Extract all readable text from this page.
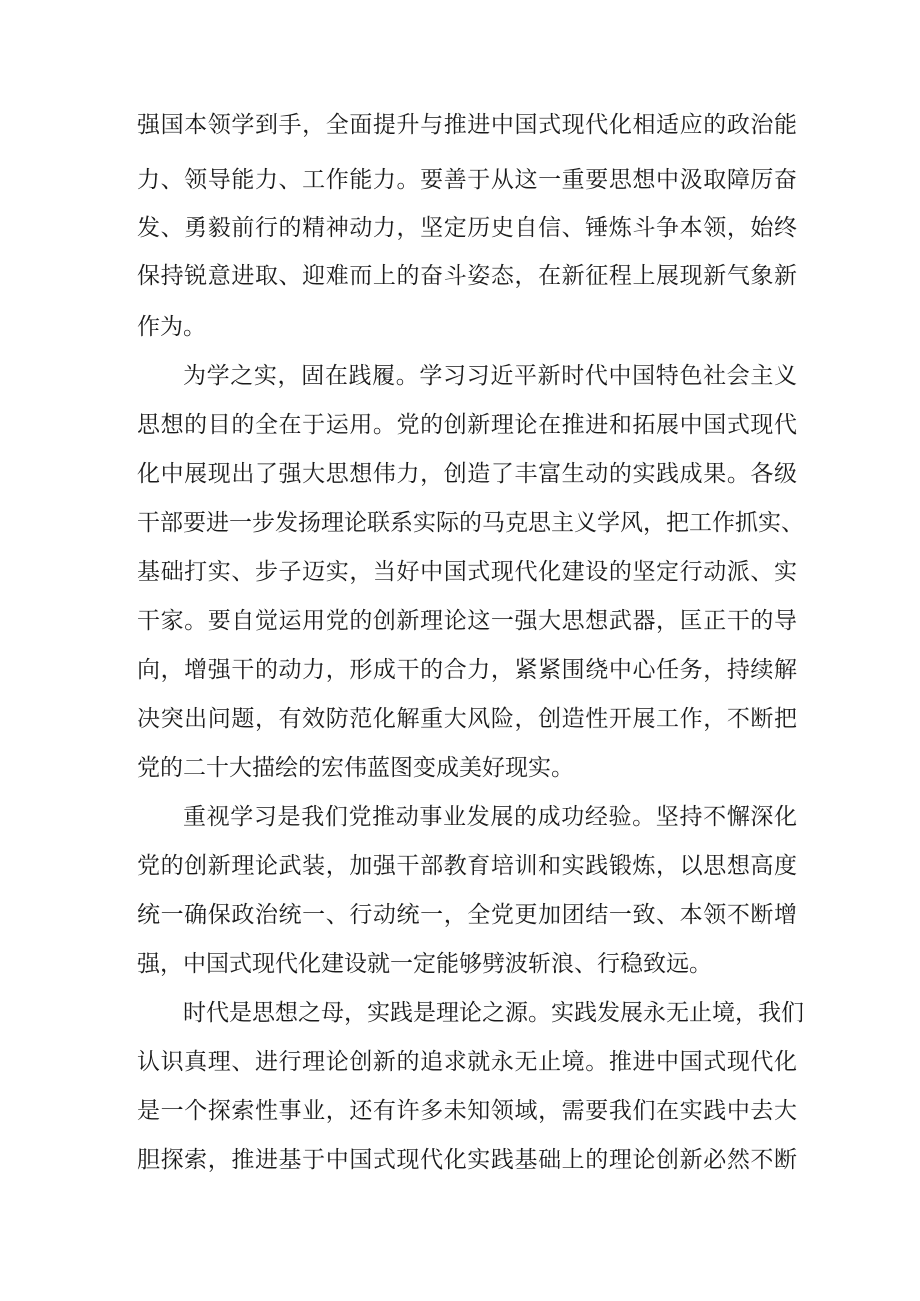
强国本领学到手，全面提升与推进中国式现代化相适应的政治能
力、领导能力、工作能力。要善于从这一重要思想中汲取障厉奋
发、勇毅前行的精神动力，坚定历史自信、锤炼斗争本领，始终
保持锐意进取、迎难而上的奋斗姿态，在新征程上展现新气象新
作为。
为学之实，固在践履。学习习近平新时代中国特色社会主义
思想的目的全在于运用。党的创新理论在推进和拓展中国式现代
化中展现出了强大思想伟力，创造了丰富生动的实践成果。各级
干部要进一步发扬理论联系实际的马克思主义学风，把工作抓实、
基础打实、步子迈实，当好中国式现代化建设的坚定行动派、实
干家。要自觉运用党的创新理论这一强大思想武器，匡正干的导
向，增强干的动力，形成干的合力，紧紧围绕中心任务，持续解
决突出问题，有效防范化解重大风险，创造性开展工作，不断把
党的二十大描绘的宏伟蓝图变成美好现实。
重视学习是我们党推动事业发展的成功经验。坚持不懈深化
党的创新理论武装，加强干部教育培训和实践锻炼，以思想高度
统一确保政治统一、行动统一，全党更加团结一致、本领不断增
强，中国式现代化建设就一定能够劈波斩浪、行稳致远。
时代是思想之母，实践是理论之源。实践发展永无止境，我们
认识真理、进行理论创新的追求就永无止境。推进中国式现代化
是一个探索性事业，还有许多未知领域，需要我们在实践中去大
胆探索，推进基于中国式现代化实践基础上的理论创新必然不断
